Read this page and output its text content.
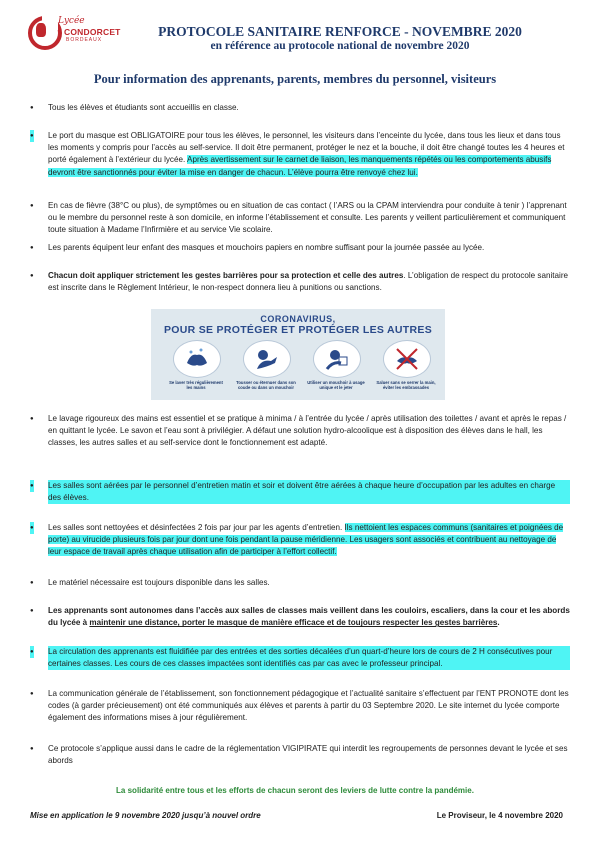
Lycée
CONDORCET
BORDEAUX
PROTOCOLE SANITAIRE RENFORCE - NOVEMBRE 2020
en référence au protocole national de novembre 2020
Pour information des apprenants, parents, membres du personnel, visiteurs
● Tous les élèves et étudiants sont accueillis en classe.
● Le port du masque est OBLIGATOIRE pour tous les élèves, le personnel, les visiteurs dans l’enceinte du lycée, dans tous les lieux et dans tous les moments y compris pour l’accès au self-service. Il doit être permanent, protéger le nez et la bouche, il doit être changé toutes les 4 heures et porté également à l’extérieur du lycée. Après avertissement sur le carnet de liaison, les manquements répétés ou les comportements abusifs devront être sanctionnés pour éviter la mise en danger de chacun. L’élève pourra être renvoyé chez lui.
● En cas de fièvre (38°C ou plus), de symptômes ou en situation de cas contact ( l’ARS ou la CPAM interviendra pour conduite à tenir ) l’apprenant ou le membre du personnel reste à son domicile, en informe l’établissement et consulte. Les parents y veillent particulièrement et communiquent toute situation à Madame l’Infirmière et au service Vie scolaire.
● Les parents équipent leur enfant des masques et mouchoirs papiers en nombre suffisant pour la journée passée au lycée.
● Chacun doit appliquer strictement les gestes barrières pour sa protection et celle des autres. L’obligation de respect du protocole sanitaire est inscrite dans le Règlement Intérieur, le non-respect donnera lieu à punitions ou sanctions.
CORONAVIRUS,
POUR SE PROTÉGER ET PROTÉGER LES AUTRES
Se laver très régulièrement les mains
Tousser ou éternuer dans son coude ou dans un mouchoir
Utiliser un mouchoir à usage unique et le jeter
Saluer sans se serrer la main, éviter les embrassades
● Le lavage rigoureux des mains est essentiel et se pratique à minima / à l’entrée du lycée / après utilisation des toilettes / avant et après le repas / en quittant le lycée. Le savon et l’eau sont à privilégier. A défaut une solution hydro-alcoolique est à disposition des élèves dans le hall, les classes, les autres salles et au self-service dont le fonctionnement est adapté.
● Les salles sont aérées par le personnel d’entretien matin et soir et doivent être aérées à chaque heure d’occupation par les adultes en charge des élèves.
● Les salles sont nettoyées et désinfectées 2 fois par jour par les agents d’entretien. Ils nettoient les espaces communs (sanitaires et poignées de porte) au virucide plusieurs fois par jour dont une fois pendant la pause méridienne. Les usagers sont associés et contribuent au nettoyage de leur espace de travail après chaque utilisation afin de participer à l’effort collectif.
● Le matériel nécessaire est toujours disponible dans les salles.
● Les apprenants sont autonomes dans l’accès aux salles de classes mais veillent dans les couloirs, escaliers, dans la cour et les abords du lycée à maintenir une distance, porter le masque de manière efficace et de toujours respecter les gestes barrières.
● La circulation des apprenants est fluidifiée par des entrées et des sorties décalées d’un quart-d’heure lors de cours de 2 H consécutives pour certaines classes. Les cours de ces classes impactées sont identifiés cas par cas avec le professeur principal.
● La communication générale de l’établissement, son fonctionnement pédagogique et l’actualité sanitaire s’effectuent par l’ENT PRONOTE dont les codes (à garder précieusement) ont été communiqués aux élèves et parents à partir du 03 Septembre 2020. Le site internet du lycée comporte également des informations mises à jour régulièrement.
● Ce protocole s’applique aussi dans le cadre de la réglementation VIGIPIRATE qui interdit les regroupements de personnes devant le lycée et ses abords
La solidarité entre tous et les efforts de chacun seront des leviers de lutte contre la pandémie.
Mise en application le 9 novembre 2020 jusqu’à nouvel ordre	Le Proviseur, le 4 novembre 2020
